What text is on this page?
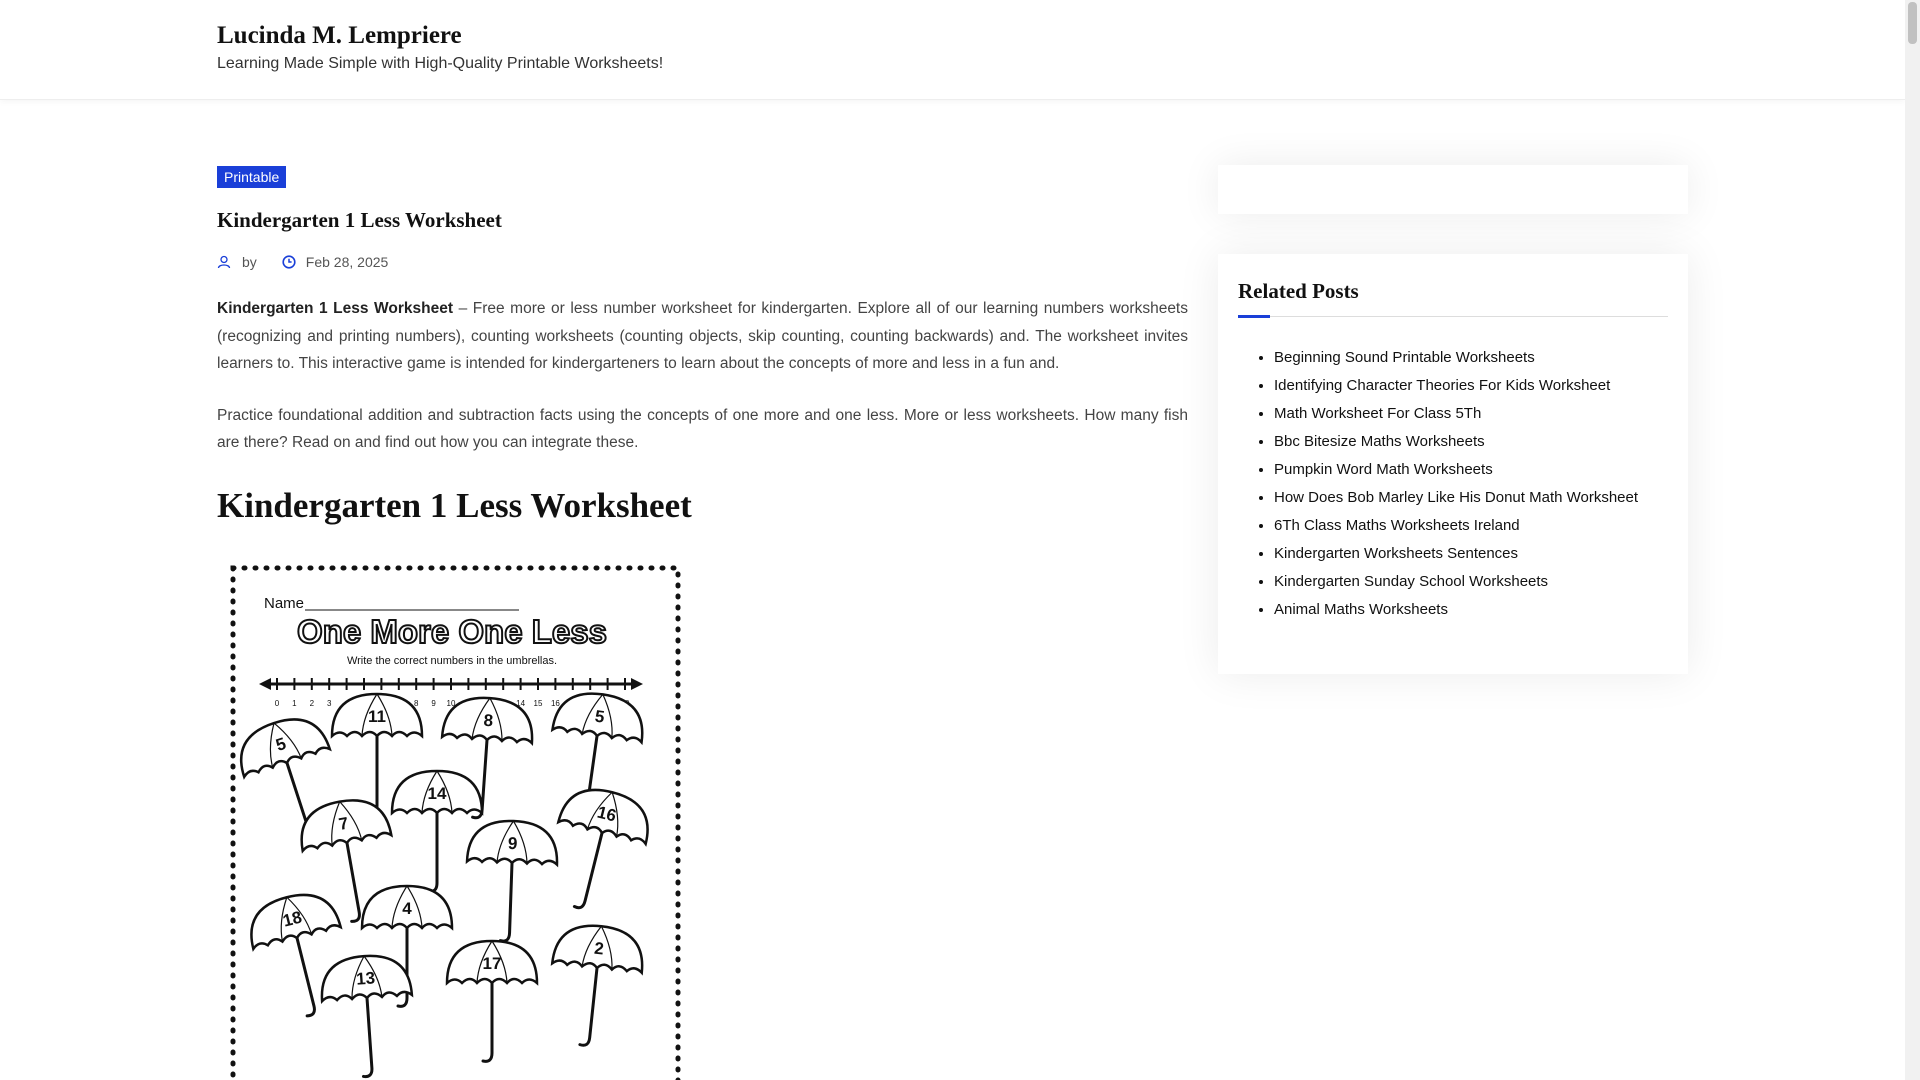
Lucinda M. Lempriere
Learning Made Simple with High-Quality Printable Worksheets!
Printable
Kindergarten 1 Less Worksheet
by	Feb 28, 2025

Kindergarten 1 Less Worksheet – Free more or less number worksheet for kindergarten. Explore all of our learning numbers worksheets (recognizing and printing numbers), counting worksheets (counting objects, skip counting, counting backwards) and. The worksheet invites learners to. This interactive game is intended for kindergarteners to learn about the concepts of more and less in a fun and.

Practice foundational addition and subtraction facts using the concepts of one more and one less. More or less worksheets. How many fish are there? Read on and find out how you can integrate these.

Kindergarten 1 Less Worksheet
Name
One More One Less
Write the correct numbers in the umbrellas.
0 1 2 3	8 9 10	14 15 16
5
11	8	5
14
7	16
9
18	4
17
2
13
Related Posts
• Beginning Sound Printable Worksheets
• Identifying Character Theories For Kids Worksheet
• Math Worksheet For Class 5Th
• Bbc Bitesize Maths Worksheets
• Pumpkin Word Math Worksheets
• How Does Bob Marley Like His Donut Math Worksheet
• 6Th Class Maths Worksheets Ireland
• Kindergarten Worksheets Sentences
• Kindergarten Sunday School Worksheets
• Animal Maths Worksheets
